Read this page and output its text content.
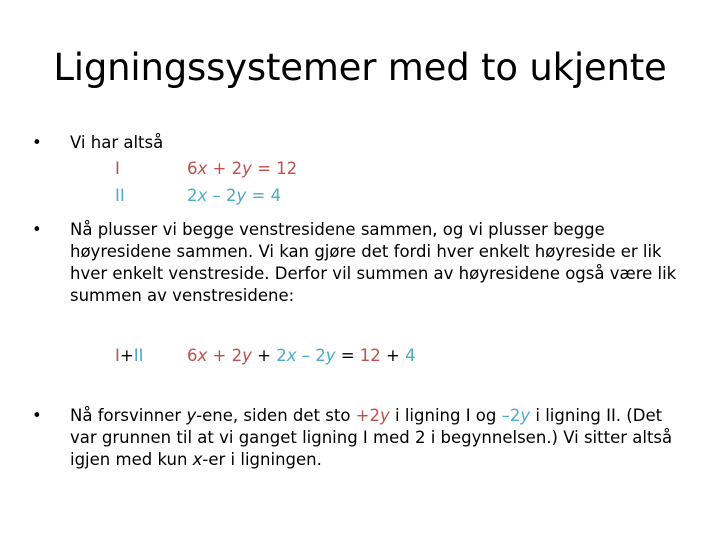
Ligningssystemer med to ukjente
• Vi har altså
I	6x + 2y = 12
II	2x – 2y = 4
• Nå plusser vi begge venstresidene sammen, og vi plusser begge høyresidene sammen. Vi kan gjøre det fordi hver enkelt høyreside er lik hver enkelt venstreside. Derfor vil summen av høyresidene også være lik summen av venstresidene:
I+II	6x + 2y + 2x – 2y = 12 + 4
• Nå forsvinner y-ene, siden det sto +2y i ligning I og –2y i ligning II. (Det var grunnen til at vi ganget ligning I med 2 i begynnelsen.) Vi sitter altså igjen med kun x-er i ligningen.
